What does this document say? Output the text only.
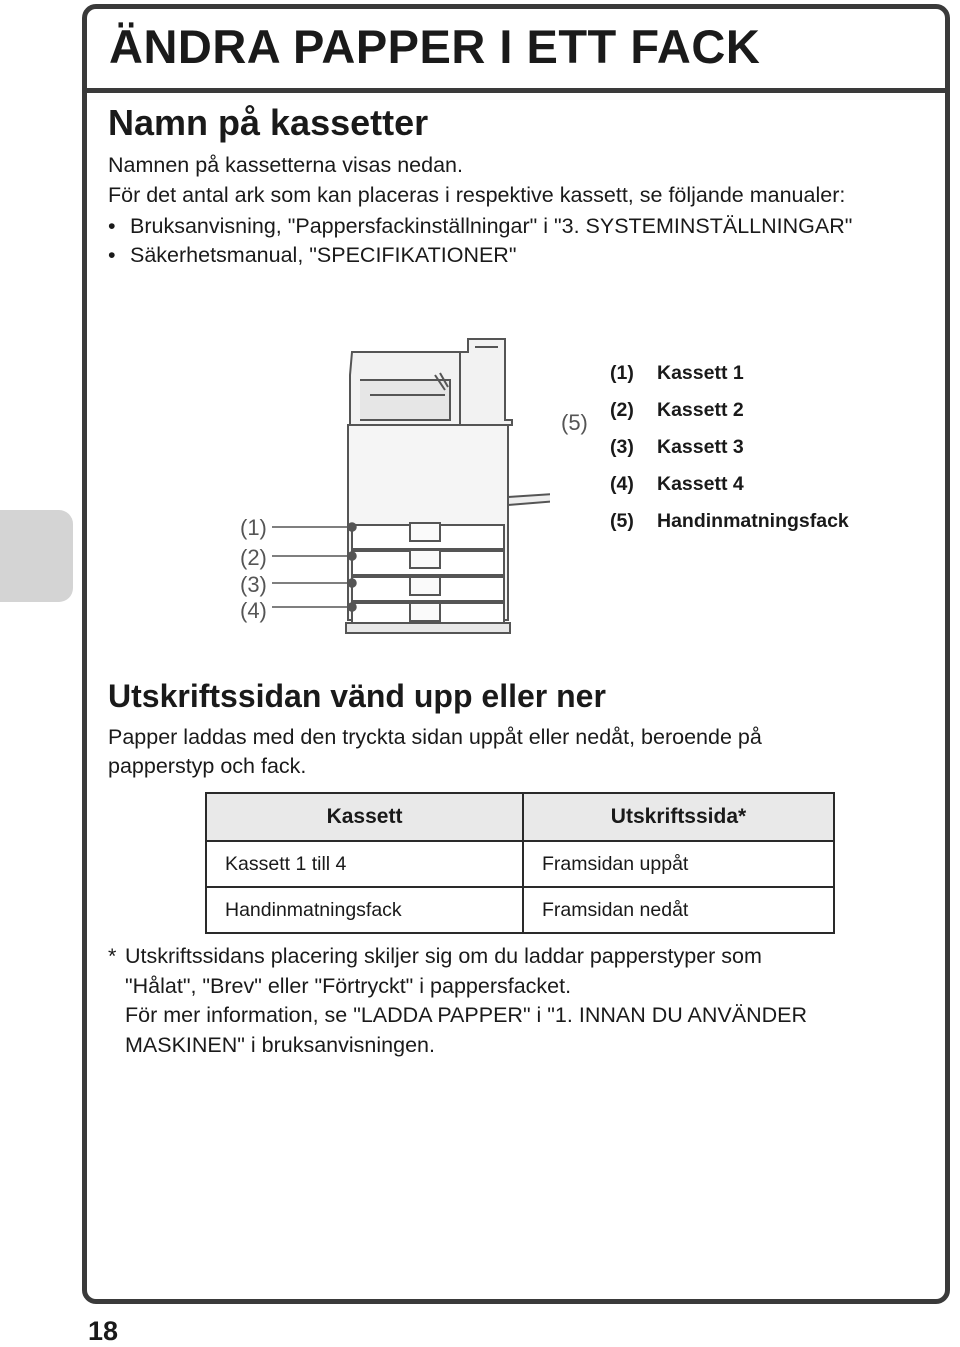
ÄNDRA PAPPER I ETT FACK
Namn på kassetter

Namnen på kassetterna visas nedan.

För det antal ark som kan placeras i respektive kassett, se följande manualer:

• Bruksanvisning, "Pappersfackinställningar" i "3. SYSTEMINSTÄLLNINGAR"
• Säkerhetsmanual, "SPECIFIKATIONER"
(1)
(2)
(3)
(4)
(5)
(1) Kassett 1
(2) Kassett 2
(3) Kassett 3
(4) Kassett 4
(5) Handinmatningsfack
Utskriftssidan vänd upp eller ner

Papper laddas med den tryckta sidan uppåt eller nedåt, beroende på

papperstyp och fack.

Kassett	Utskriftssida*
Kassett 1 till 4	Framsidan uppåt
Handinmatningsfack	Framsidan nedåt
* Utskriftssidans placering skiljer sig om du laddar papperstyper som
"Hålat", "Brev" eller "Förtryckt" i pappersfacket.
För mer information, se "LADDA PAPPER" i "1. INNAN DU ANVÄNDER
MASKINEN" i bruksanvisningen.
18
